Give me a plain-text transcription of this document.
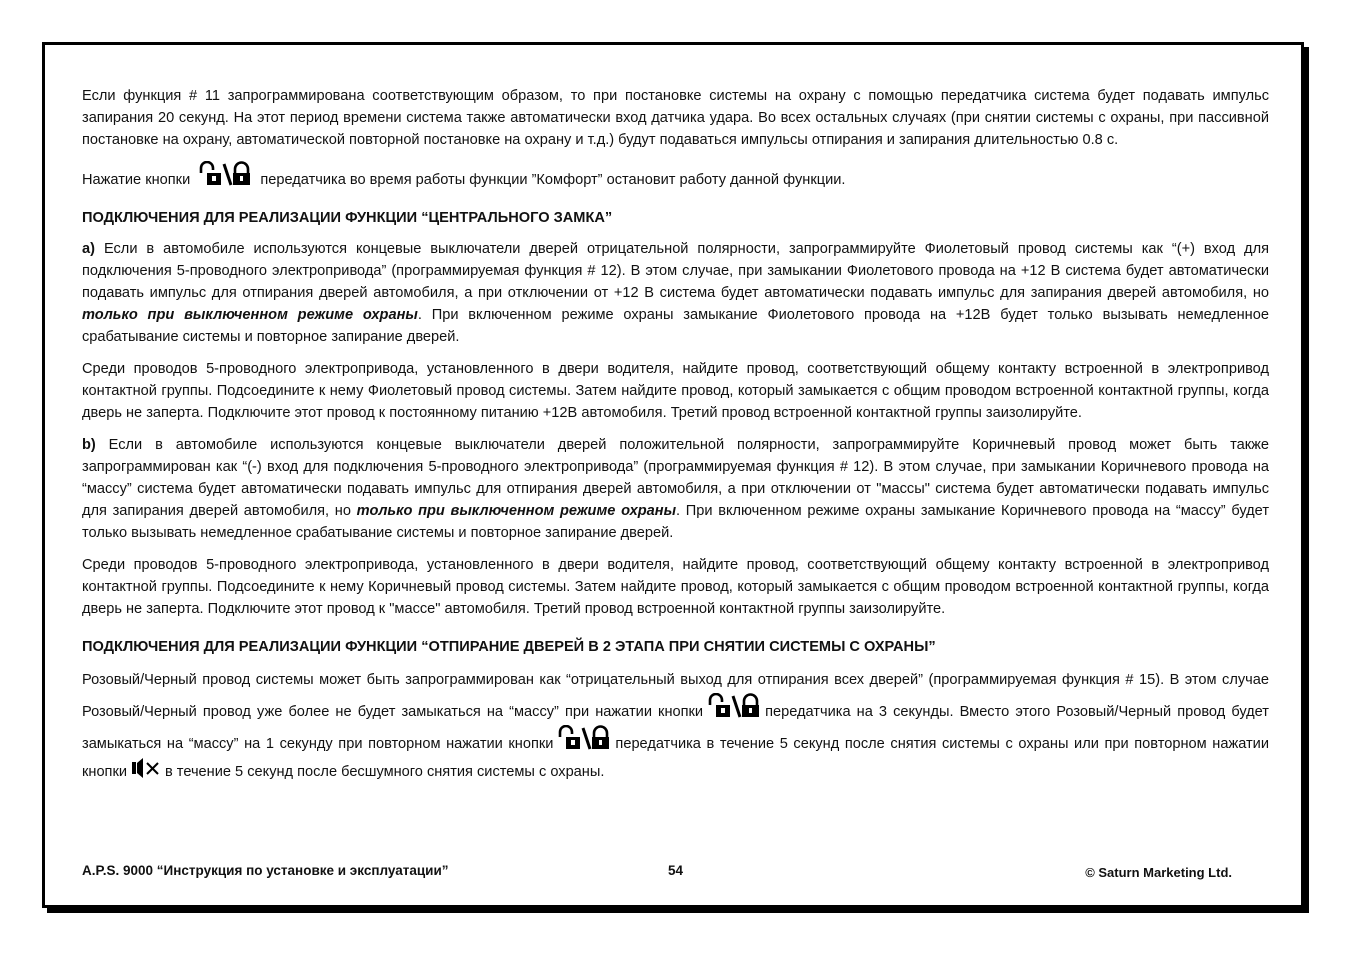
Если функция # 11 запрограммирована соответствующим образом, то при постановке системы на охрану с помощью передатчика система будет подавать импульс запирания 20 секунд. На этот период времени система также автоматически вход датчика удара. Во всех остальных случаях (при снятии системы с охраны, при пассивной постановке на охрану, автоматической повторной постановке на охрану и т.д.) будут подаваться импульсы отпирания и запирания длительностью 0.8 с.

Нажатие кнопки	передатчика во время работы функции ”Комфорт” остановит работу данной функции.

ПОДКЛЮЧЕНИЯ ДЛЯ РЕАЛИЗАЦИИ ФУНКЦИИ “ЦЕНТРАЛЬНОГО ЗАМКА”

a) Если в автомобиле используются концевые выключатели дверей отрицательной полярности, запрограммируйте Фиолетовый провод системы как “(+) вход для подключения 5-проводного электропривода” (программируемая функция # 12). В этом случае, при замыкании Фиолетового провода на +12 В система будет автоматически подавать импульс для отпирания дверей автомобиля, а при отключении от +12 В система будет автоматически подавать импульс для запирания дверей автомобиля, но только при выключенном режиме охраны. При включенном режиме охраны замыкание Фиолетового провода на +12В будет только вызывать немедленное срабатывание системы и повторное запирание дверей.

Среди проводов 5-проводного электропривода, установленного в двери водителя, найдите провод, соответствующий общему контакту встроенной в электропривод контактной группы. Подсоедините к нему Фиолетовый провод системы. Затем найдите провод, который замыкается с общим проводом встроенной контактной группы, когда дверь не заперта. Подключите этот провод к постоянному питанию +12В автомобиля. Третий провод встроенной контактной группы заизолируйте.

b) Если в автомобиле используются концевые выключатели дверей положительной полярности, запрограммируйте Коричневый провод может быть также запрограммирован как “(-) вход для подключения 5-проводного электропривода” (программируемая функция # 12). В этом случае, при замыкании Коричневого провода на “массу” система будет автоматически подавать импульс для отпирания дверей автомобиля, а при отключении от "массы" система будет автоматически подавать импульс для запирания дверей автомобиля, но только при выключенном режиме охраны. При включенном режиме охраны замыкание Коричневого провода на “массу” будет только вызывать немедленное срабатывание системы и повторное запирание дверей.

Среди проводов 5-проводного электропривода, установленного в двери водителя, найдите провод, соответствующий общему контакту встроенной в электропривод контактной группы. Подсоедините к нему Коричневый провод системы. Затем найдите провод, который замыкается с общим проводом встроенной контактной группы, когда дверь не заперта. Подключите этот провод к "массе" автомобиля. Третий провод встроенной контактной группы заизолируйте.

ПОДКЛЮЧЕНИЯ ДЛЯ РЕАЛИЗАЦИИ ФУНКЦИИ “ОТПИРАНИЕ ДВЕРЕЙ В 2 ЭТАПА ПРИ СНЯТИИ СИСТЕМЫ С ОХРАНЫ”

Розовый/Черный провод системы может быть запрограммирован как “отрицательный выход для отпирания всех дверей” (программируемая функция # 15). В этом случае Розовый/Черный провод уже более не будет замыкаться на “массу” при нажатии кнопки	передатчика на 3 секунды. Вместо этого Розовый/Черный провод будет замыкаться на “массу” на 1 секунду при повторном нажатии кнопки	передатчика в течение 5 секунд после снятия системы с охраны или при повторном нажатии кнопки	в течение 5 секунд после бесшумного снятия системы с охраны.

A.P.S. 9000 “Инструкция по установке и эксплуатации”	54	© Saturn Marketing Ltd.
